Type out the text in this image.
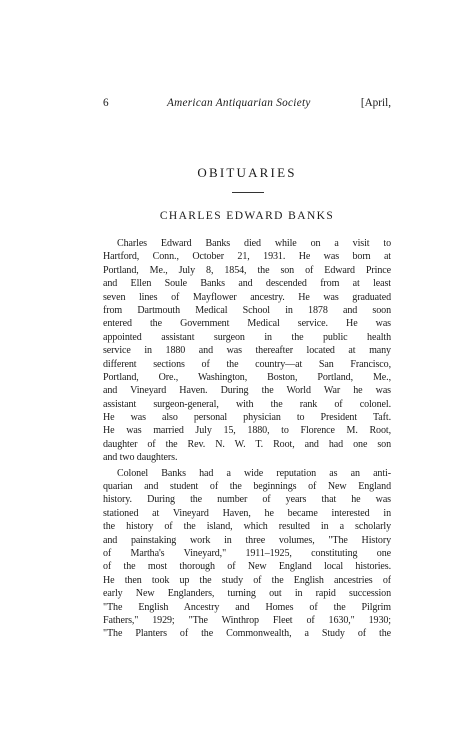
6	American Antiquarian Society	[April,
OBITUARIES
CHARLES EDWARD BANKS
Charles Edward Banks died while on a visit to
Hartford, Conn., October 21, 1931. He was born at
Portland, Me., July 8, 1854, the son of Edward Prince
and Ellen Soule Banks and descended from at least
seven lines of Mayflower ancestry. He was graduated
from Dartmouth Medical School in 1878 and soon
entered the Government Medical service. He was
appointed assistant surgeon in the public health
service in 1880 and was thereafter located at many
different sections of the country—at San Francisco,
Portland, Ore., Washington, Boston, Portland, Me.,
and Vineyard Haven. During the World War he was
assistant surgeon-general, with the rank of colonel.
He was also personal physician to President Taft.
He was married July 15, 1880, to Florence M. Root,
daughter of the Rev. N. W. T. Root, and had one son
and two daughters.
Colonel Banks had a wide reputation as an anti-
quarian and student of the beginnings of New England
history. During the number of years that he was
stationed at Vineyard Haven, he became interested in
the history of the island, which resulted in a scholarly
and painstaking work in three volumes, "The History
of Martha's Vineyard," 1911–1925, constituting one
of the most thorough of New England local histories.
He then took up the study of the English ancestries of
early New Englanders, turning out in rapid succession
"The English Ancestry and Homes of the Pilgrim
Fathers," 1929; "The Winthrop Fleet of 1630," 1930;
"The Planters of the Commonwealth, a Study of the
